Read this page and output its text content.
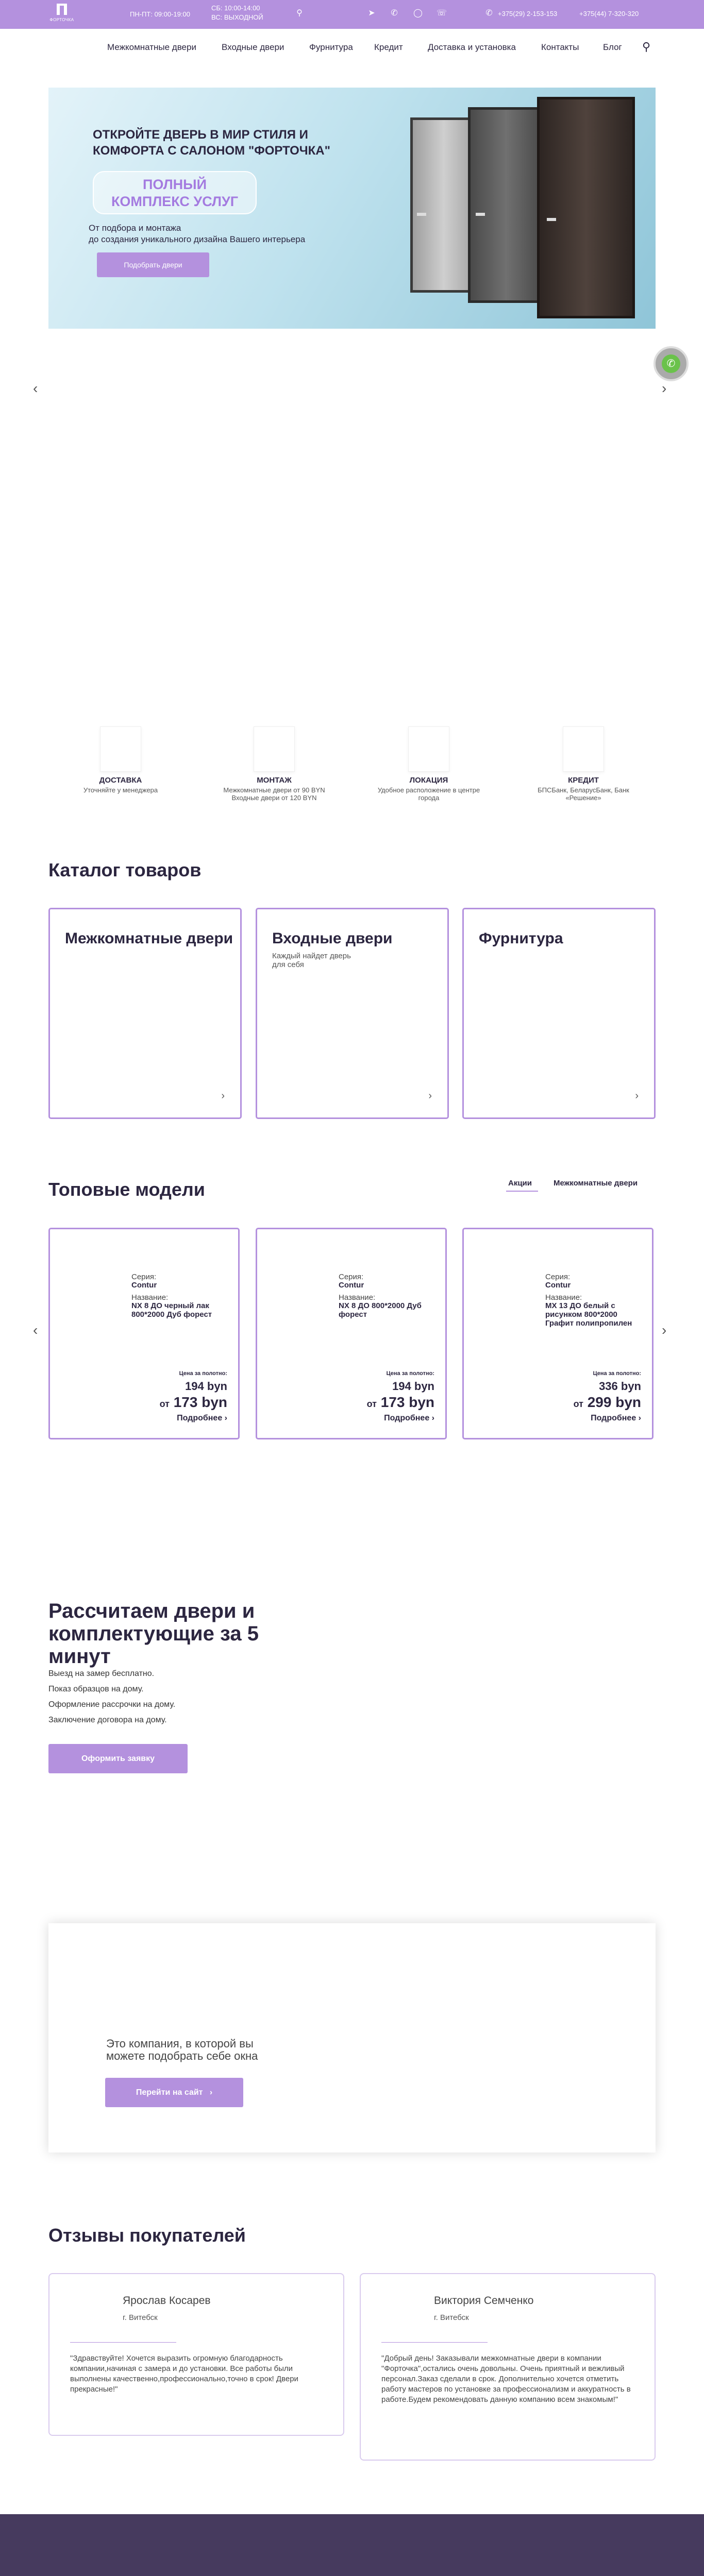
ФОРТОЧКА
ПН-ПТ: 09:00-19:00
СБ: 10:00-14:00
ВС: ВЫХОДНОЙ	⚲	➤ ✆ ◯ ☏	✆ +375(29) 2-153-153	+375(44) 7-320-320
Межкомнатные двери	Входные двери	Фурнитура Кредит	Доставка и установка	Контакты	Блог ⚲
ОТКРОЙТЕ ДВЕРЬ В МИР СТИЛЯ И КОМФОРТА С САЛОНОМ "ФОРТОЧКА"
ПОЛНЫЙ
КОМПЛЕКС УСЛУГ
От подбора и монтажа
до создания уникального дизайна Вашего интерьера
Подобрать двери
‹	›
✆
ДОСТАВКА
Уточняйте у менеджера
МОНТАЖ
Межкомнатные двери от 90 BYN Входные двери от 120 BYN
ЛОКАЦИЯ
Удобное расположение в центре города
КРЕДИТ
БПСБанк, БеларусБанк, Банк «Решение»
Каталог товаров
Межкомнатные двери
›
Входные двери

Каждый найдет дверь для себя

›
Фурнитура
›
Топовые модели	Акции	Межкомнатные двери
‹	›
Серия:
Contur
Название:
NX 8 ДО черный лак 800*2000 Дуб форест
Цена за полотно:
194 byn
от 173 byn
Подробнее ›
Серия:
Contur
Название:
NX 8 ДО 800*2000 Дуб форест
Цена за полотно:
194 byn
от 173 byn
Подробнее ›
Серия:
Contur
Название:
MX 13 ДО белый с рисунком 800*2000 Графит полипропилен
Цена за полотно:
336 byn
от 299 byn
Подробнее ›
Рассчитаем двери и комплектующие за 5 минут
Выезд на замер бесплатно.
Показ образцов на дому.
Оформление рассрочки на дому.
Заключение договора на дому.
Оформить заявку

Это компания, в которой вы можете подобрать себе окна

Перейти на сайт ›
Отзывы покупателей
Ярослав Косарев
г. Витебск
"Здравствуйте! Хочется выразить огромную благодарность компании,начиная с замера и до установки. Все работы были выполнены качественно,профессионально,точно в срок! Двери прекрасные!"
Виктория Семченко
г. Витебск
"Добрый день! Заказывали межкомнатные двери в компании "Форточка",остались очень довольны. Очень приятный и вежливый персонал.Заказ сделали в срок. Дополнительно хочется отметить работу мастеров по установке за профессионализм и аккуратность в работе.Будем рекомендовать данную компанию всем знакомым!"
